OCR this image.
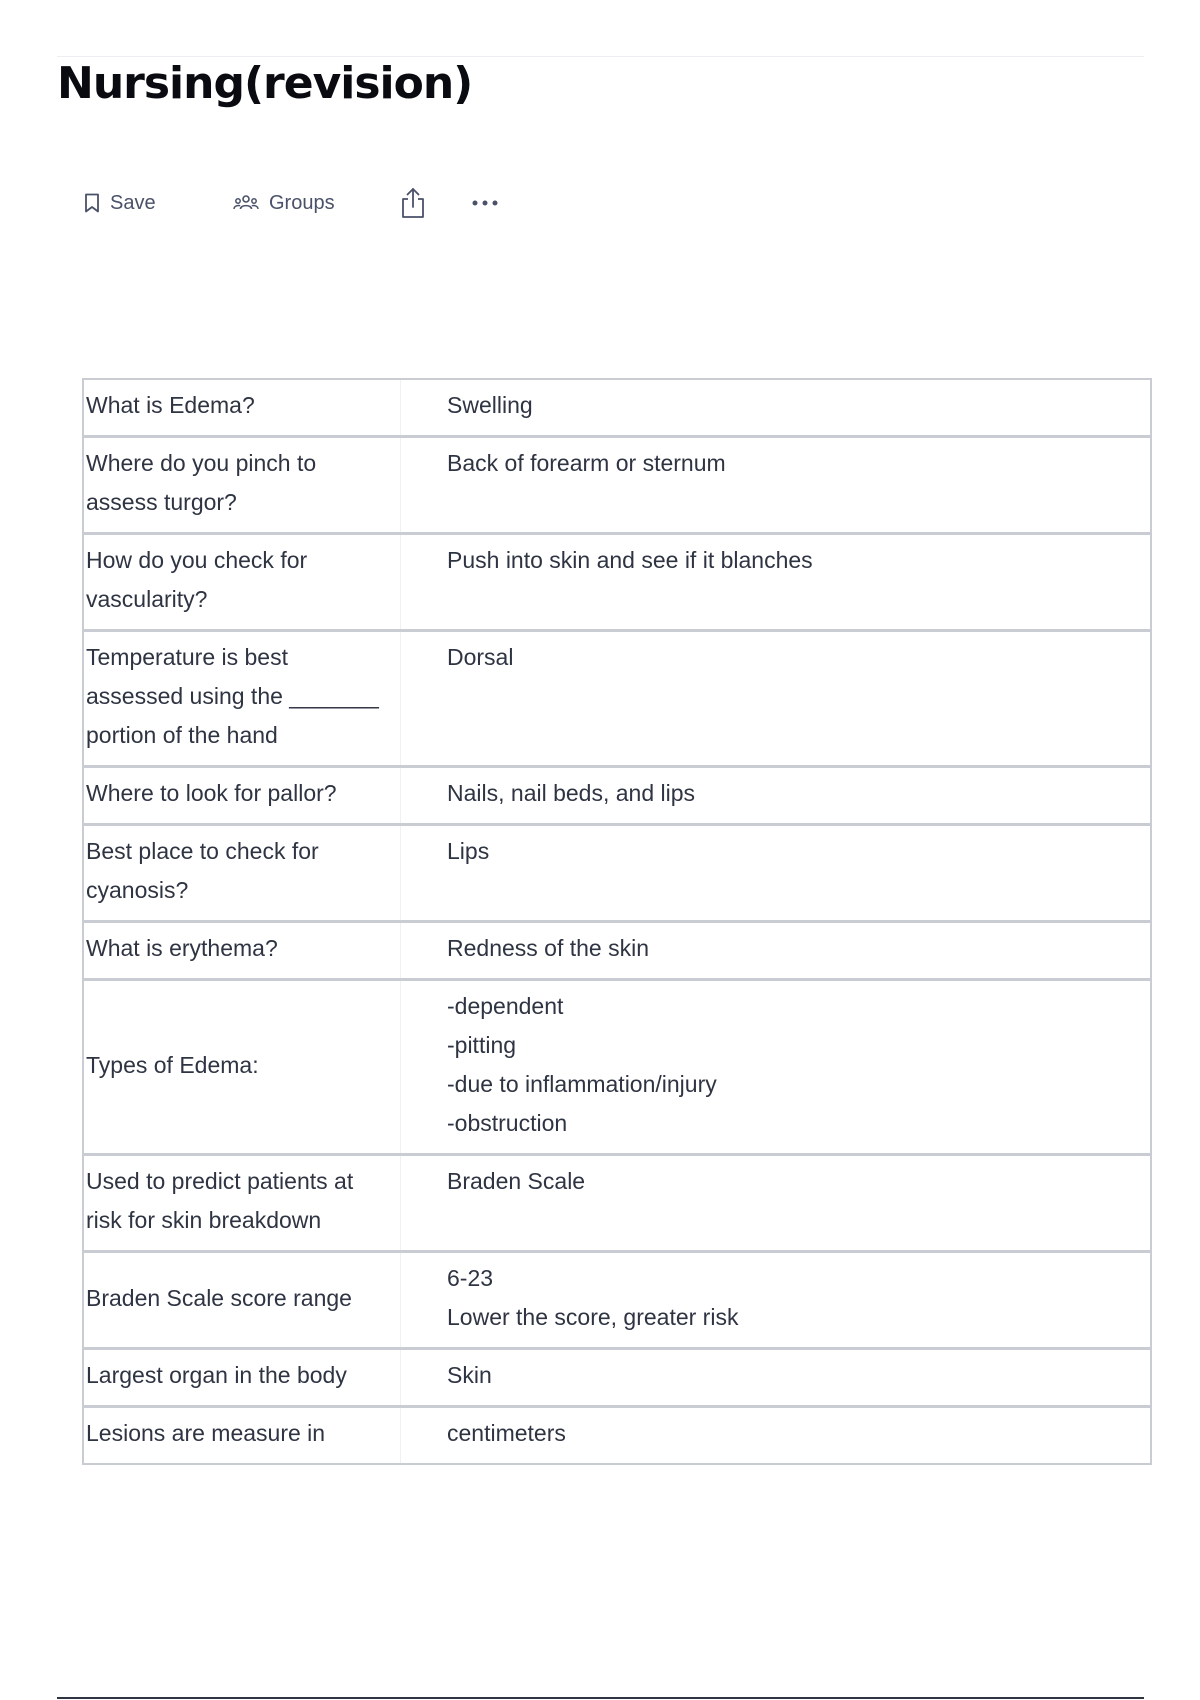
Nursing(revision)
Save	Groups
What is Edema?	Swelling

Where do you pinch to assess turgor?	Back of forearm or sternum

How do you check for vascularity?	Push into skin and see if it blanches

Temperature is best assessed using the _______ portion of the hand	Dorsal

Where to look for pallor?	Nails, nail beds, and lips

Best place to check for cyanosis?	Lips

What is erythema?	Redness of the skin

Types of Edema:	-dependent
-pitting
-due to inflammation/injury
-obstruction

Used to predict patients at risk for skin breakdown	Braden Scale

Braden Scale score range	6-23
Lower the score, greater risk

Largest organ in the body	Skin

Lesions are measure in	centimeters
